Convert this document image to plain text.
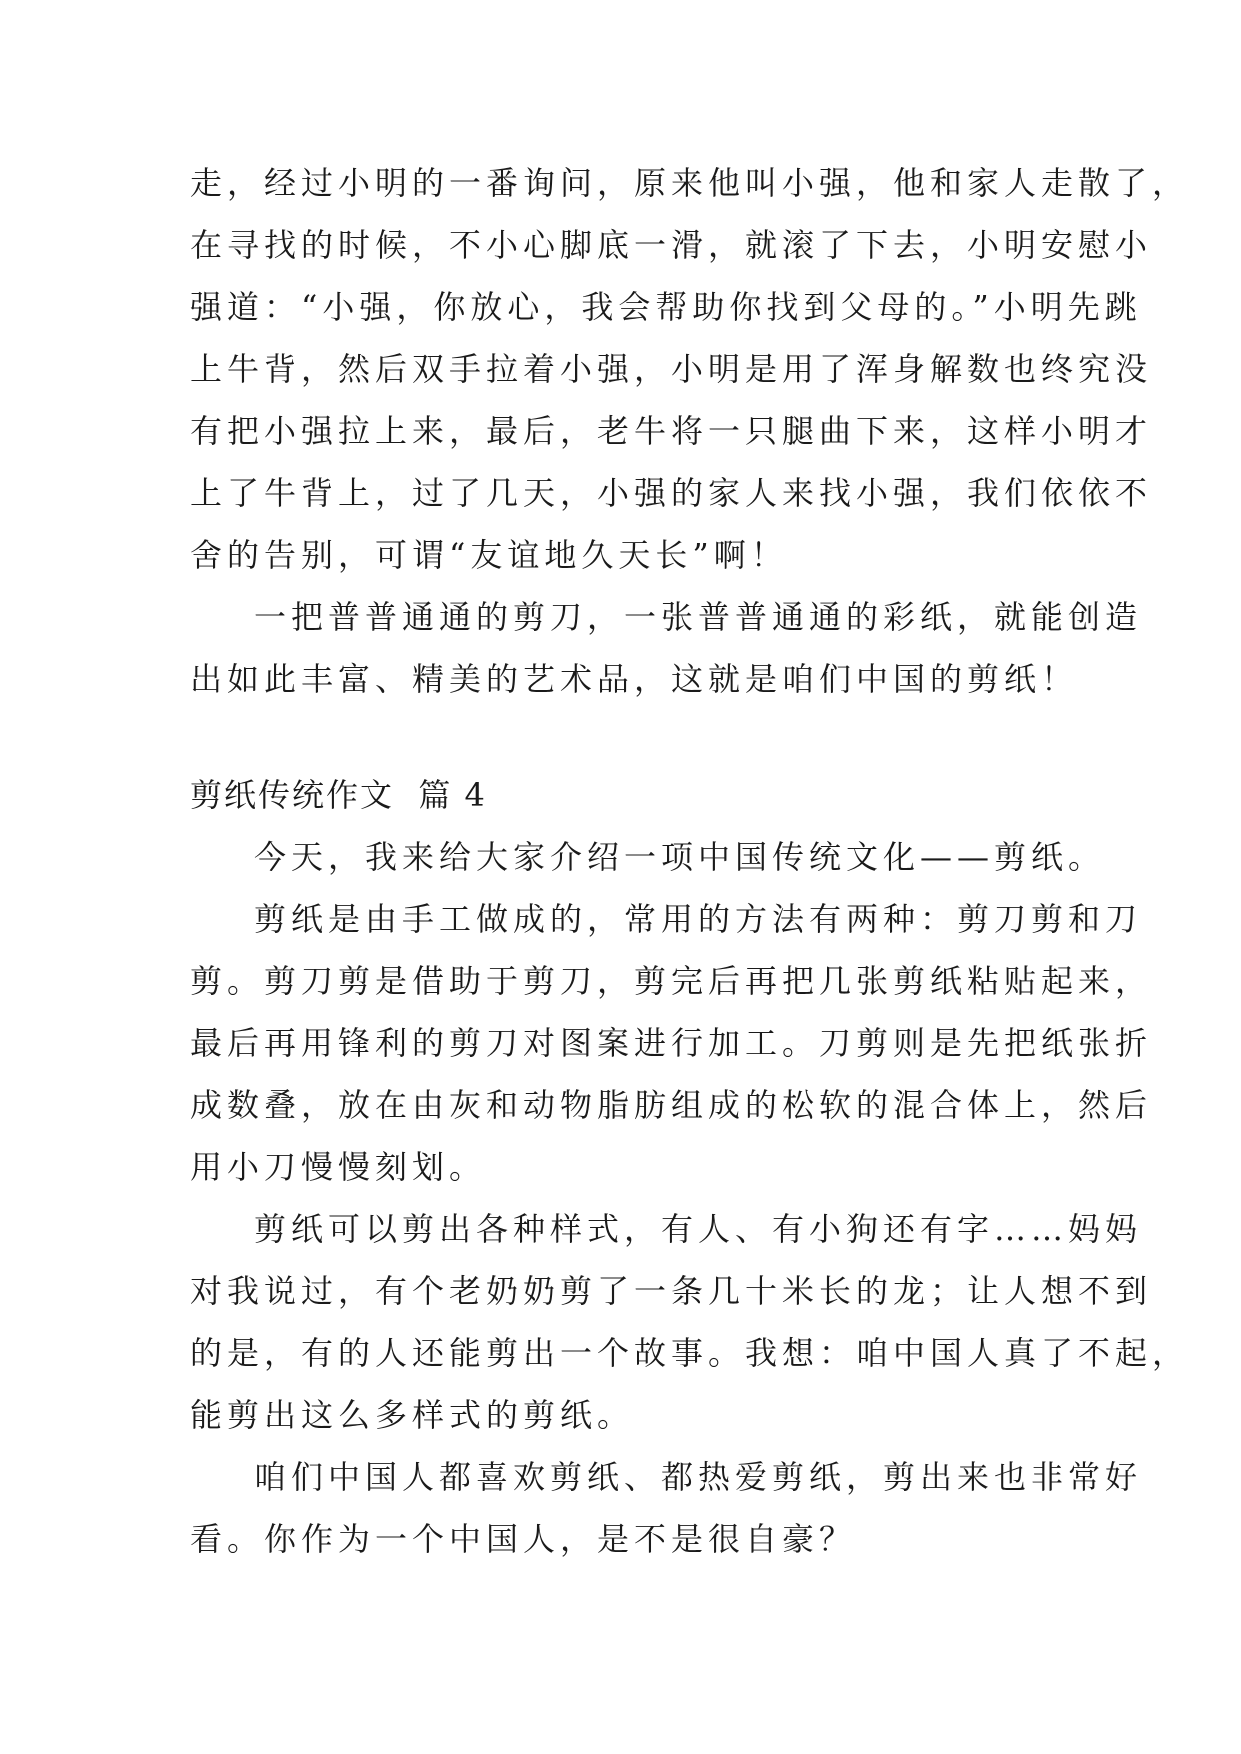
走，经过小明的一番询问，原来他叫小强，他和家人走散了，
在寻找的时候，不小心脚底一滑，就滚了下去，小明安慰小
强道：“小强，你放心，我会帮助你找到父母的。”小明先跳
上牛背，然后双手拉着小强，小明是用了浑身解数也终究没
有把小强拉上来，最后，老牛将一只腿曲下来，这样小明才
上了牛背上，过了几天，小强的家人来找小强，我们依依不
舍的告别，可谓“友谊地久天长”啊！
一把普普通通的剪刀，一张普普通通的彩纸，就能创造
出如此丰富、精美的艺术品，这就是咱们中国的剪纸！
剪纸传统作文  篇 4
今天，我来给大家介绍一项中国传统文化——剪纸。
剪纸是由手工做成的，常用的方法有两种：剪刀剪和刀
剪。剪刀剪是借助于剪刀，剪完后再把几张剪纸粘贴起来，
最后再用锋利的剪刀对图案进行加工。刀剪则是先把纸张折
成数叠，放在由灰和动物脂肪组成的松软的混合体上，然后
用小刀慢慢刻划。
剪纸可以剪出各种样式，有人、有小狗还有字……妈妈
对我说过，有个老奶奶剪了一条几十米长的龙；让人想不到
的是，有的人还能剪出一个故事。我想：咱中国人真了不起，
能剪出这么多样式的剪纸。
咱们中国人都喜欢剪纸、都热爱剪纸，剪出来也非常好
看。你作为一个中国人，是不是很自豪？
